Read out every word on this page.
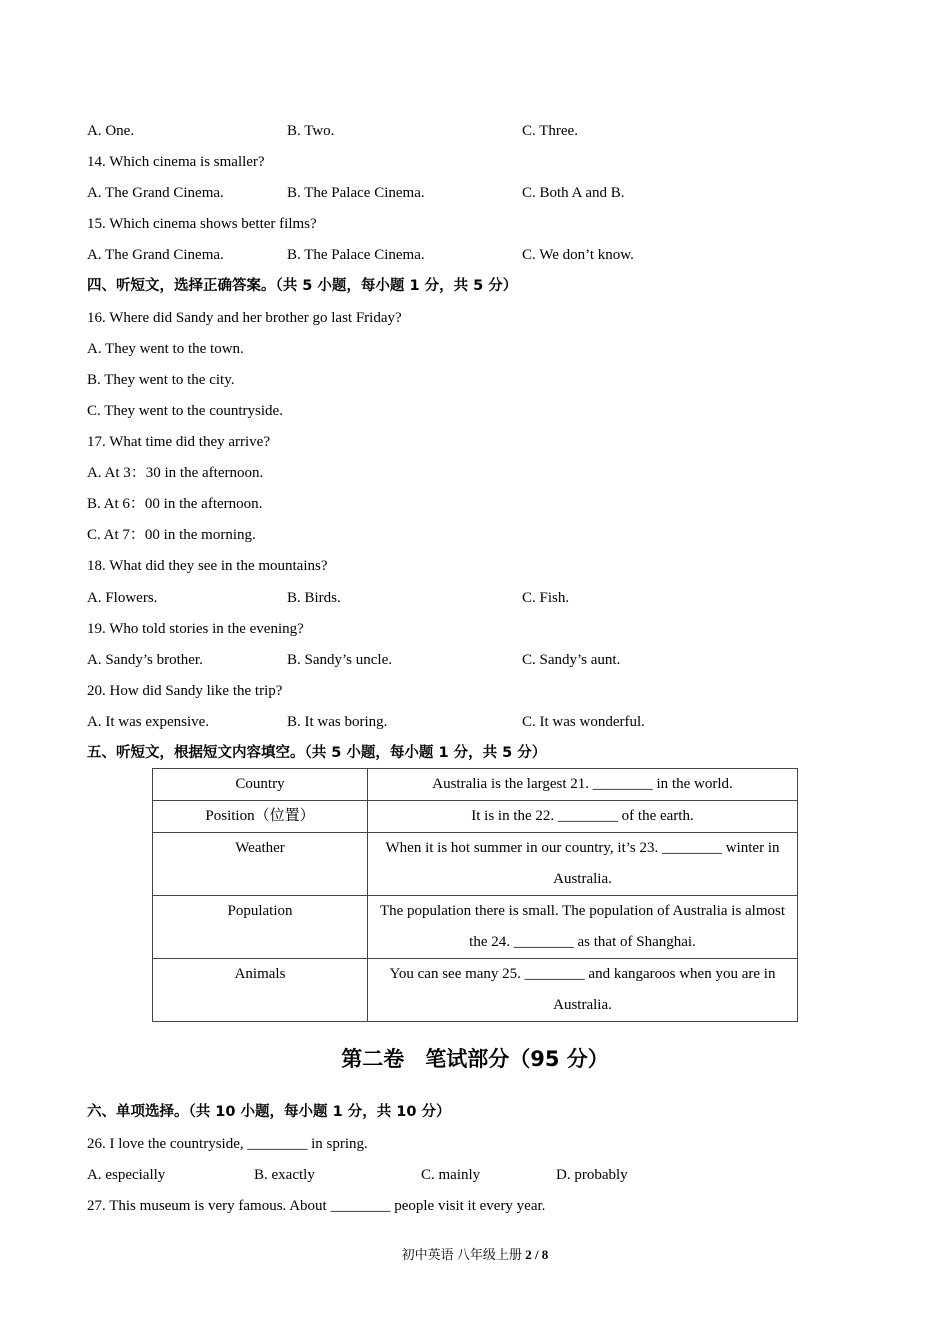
A. One.	B. Two.	C. Three.
14. Which cinema is smaller?
A. The Grand Cinema.	B. The Palace Cinema.	C. Both A and B.
15. Which cinema shows better films?
A. The Grand Cinema.	B. The Palace Cinema.	C. We don’t know.
四、听短文，选择正确答案。（共 5 小题，每小题 1 分，共 5 分）
16. Where did Sandy and her brother go last Friday?
A. They went to the town.
B. They went to the city.
C. They went to the countryside.
17. What time did they arrive?
A. At 3：30 in the afternoon.
B. At 6：00 in the afternoon.
C. At 7：00 in the morning.
18. What did they see in the mountains?
A. Flowers.	B. Birds.	C. Fish.
19. Who told stories in the evening?
A. Sandy’s brother.	B. Sandy’s uncle.	C. Sandy’s aunt.
20. How did Sandy like the trip?
A. It was expensive.	B. It was boring.	C. It was wonderful.
五、听短文，根据短文内容填空。（共 5 小题，每小题 1 分，共 5 分）
Country	Australia is the largest 21. ________ in the world.
Position（位置）	It is in the 22. ________ of the earth.
Weather	When it is hot summer in our country, it’s 23. ________ winter in Australia.
Population	The population there is small. The population of Australia is almost the 24. ________ as that of Shanghai.
Animals	You can see many 25. ________ and kangaroos when you are in Australia.
第二卷　笔试部分（95 分）
六、单项选择。（共 10 小题，每小题 1 分，共 10 分）
26. I love the countryside, ________ in spring.
A. especially	B. exactly	C. mainly	D. probably
27. This museum is very famous. About ________ people visit it every year.
初中英语 八年级上册 2 / 8
